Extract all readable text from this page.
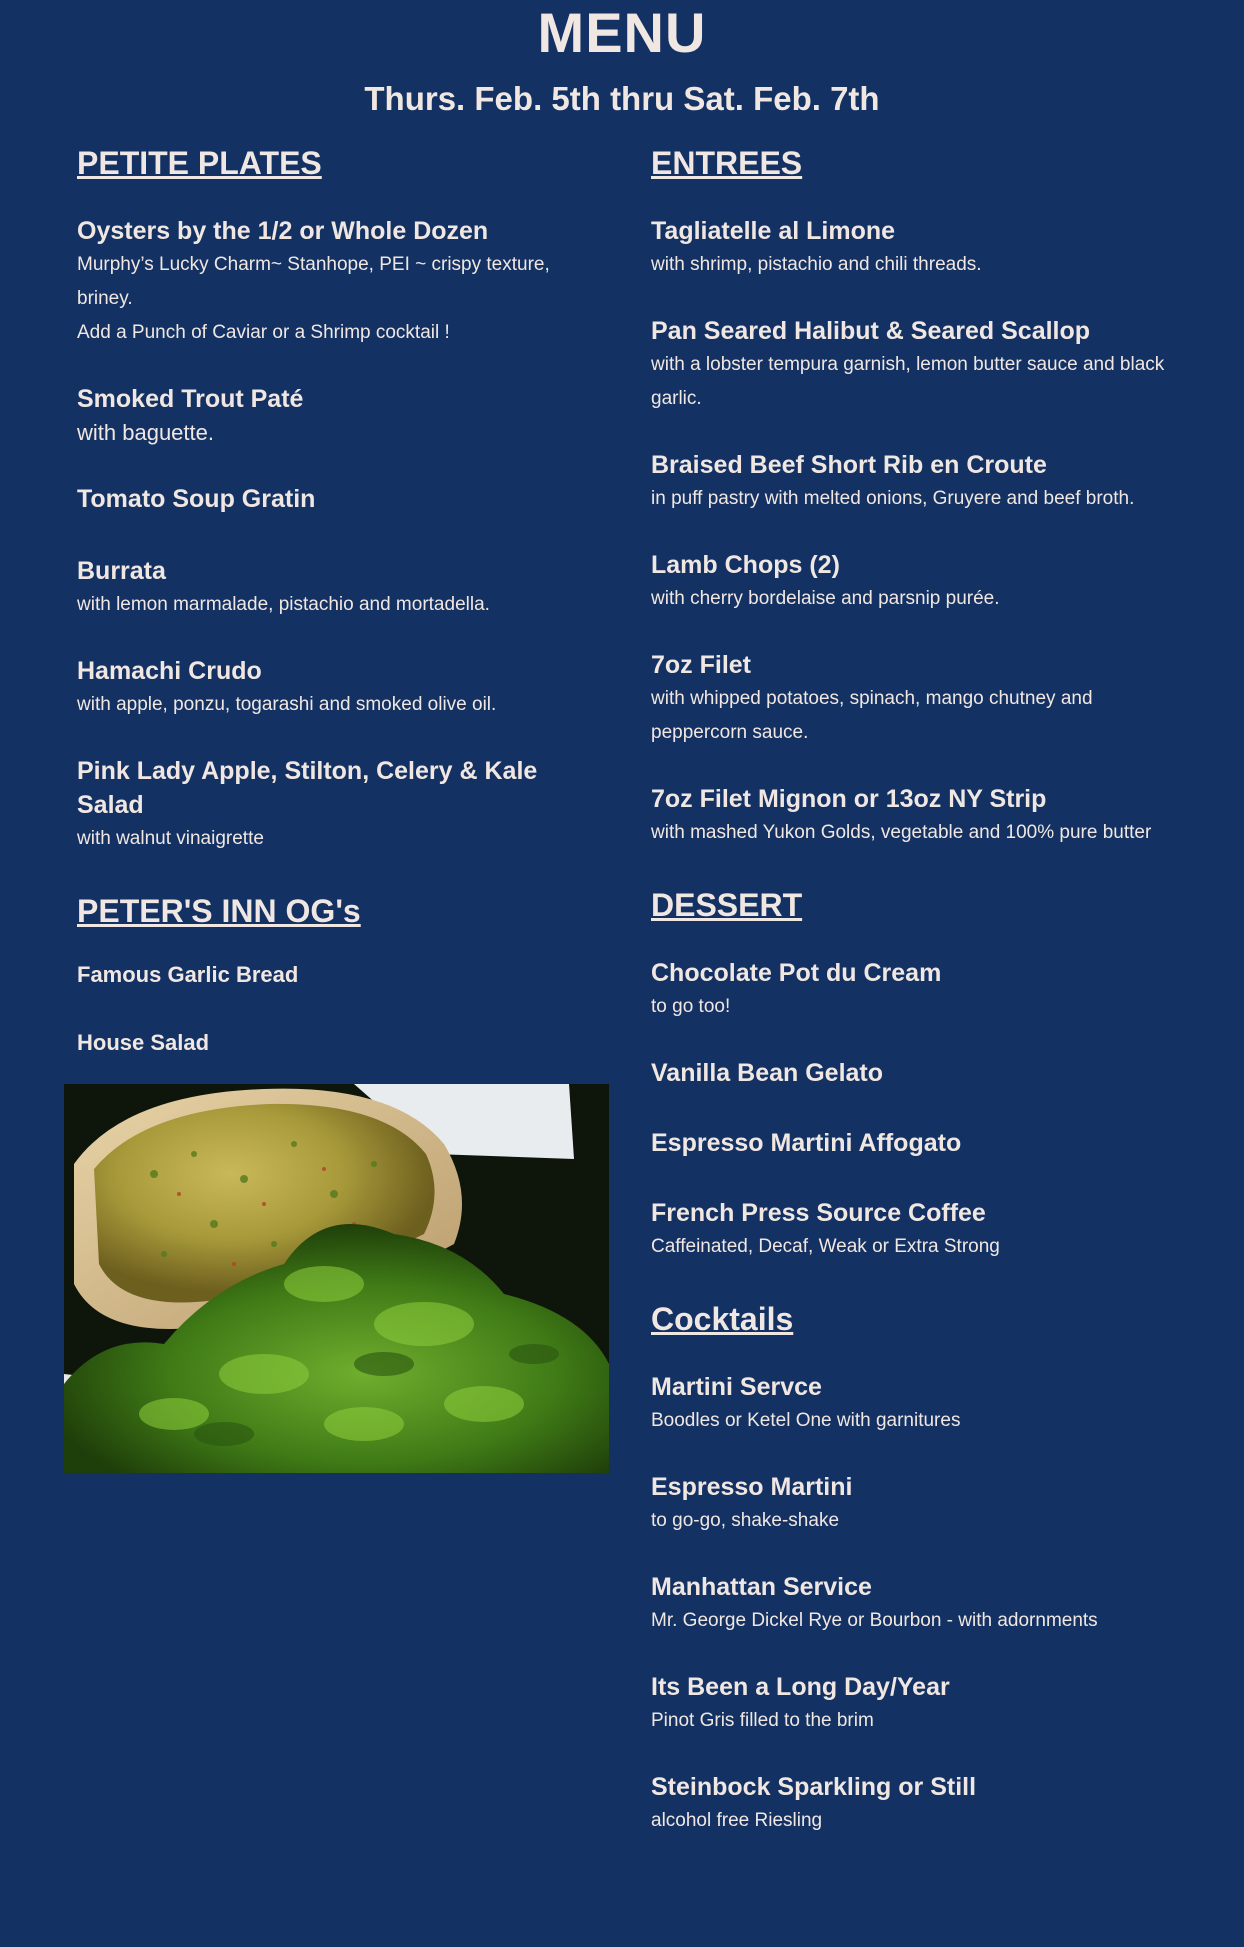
MENU
Thurs. Feb. 5th thru Sat. Feb. 7th
PETITE PLATES
Oysters by the 1/2 or Whole Dozen
Murphy’s Lucky Charm~ Stanhope, PEI ~ crispy texture, briney.
Add a Punch of Caviar or a Shrimp cocktail !
Smoked Trout Paté
with baguette.
Tomato Soup Gratin
Burrata
with lemon marmalade, pistachio and mortadella.
Hamachi Crudo
with apple, ponzu, togarashi and smoked olive oil.
Pink Lady Apple, Stilton, Celery & Kale Salad
with walnut vinaigrette
PETER'S INN OG's
Famous Garlic Bread
House Salad
ENTREES
Tagliatelle al Limone
with shrimp, pistachio and chili threads.
Pan Seared Halibut & Seared Scallop
with a lobster tempura garnish, lemon butter sauce and black garlic.
Braised Beef Short Rib en Croute
in puff pastry with melted onions, Gruyere and beef broth.
Lamb Chops (2)
with cherry bordelaise and parsnip purée.
7oz Filet
with whipped potatoes, spinach, mango chutney and peppercorn sauce.
7oz Filet Mignon or 13oz NY Strip
with mashed Yukon Golds, vegetable and 100% pure butter
DESSERT
Chocolate Pot du Cream
to go too!
Vanilla Bean Gelato
Espresso Martini Affogato
French Press Source Coffee
Caffeinated, Decaf, Weak or Extra Strong
Cocktails
Martini Servce
Boodles or Ketel One with garnitures
Espresso Martini
to go-go, shake-shake
Manhattan Service
Mr. George Dickel Rye or Bourbon - with adornments
Its Been a Long Day/Year
Pinot Gris filled to the brim
Steinbock Sparkling or Still
alcohol free Riesling
